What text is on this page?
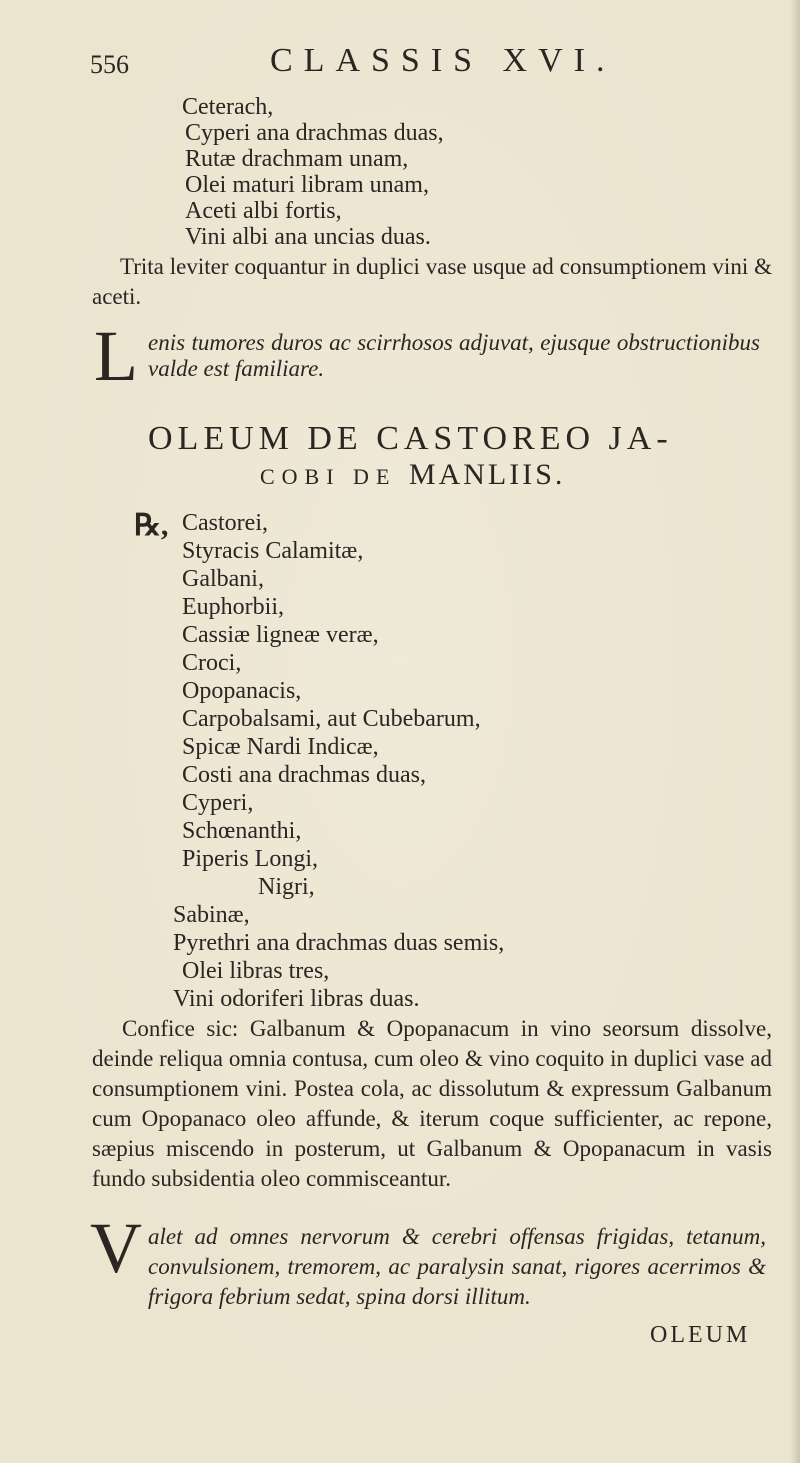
556	CLASSIS XVI.
Ceterach,
Cyperi ana drachmas duas,
Rutæ drachmam unam,
Olei maturi libram unam,
Aceti albi fortis,
Vini albi ana uncias duas.
Trita leviter coquantur in duplici vase usque ad consumptionem vini & aceti.
L enis tumores duros ac scirrhosos adjuvat, ejusque obstructionibus valde est familiare.
OLEUM DE CASTOREO JA-
COBI DE MANLIIS.
℞, Castorei,
Styracis Calamitæ,
Galbani,
Euphorbii,
Cassiæ ligneæ veræ,
Croci,
Opopanacis,
Carpobalsami, aut Cubebarum,
Spicæ Nardi Indicæ,
Costi ana drachmas duas,
Cyperi,
Schœnanthi,
Piperis Longi,
Nigri,
Sabinæ,
Pyrethri ana drachmas duas semis,
Olei libras tres,
Vini odoriferi libras duas.
Confice sic: Galbanum & Opopanacum in vino seorsum dissolve, deinde reliqua omnia contusa, cum oleo & vino coquito in duplici vase ad consumptionem vini. Postea cola, ac dissolutum & expressum Galbanum cum Opopanaco oleo affunde, & iterum coque sufficienter, ac repone, sæpius miscendo in posterum, ut Galbanum & Opopanacum in vasis fundo subsidentia oleo commisceantur.
V alet ad omnes nervorum & cerebri offensas frigidas, tetanum, convulsionem, tremorem, ac paralysin sanat, rigores acerrimos & frigora febrium sedat, spina dorsi illitum.
OLEUM
